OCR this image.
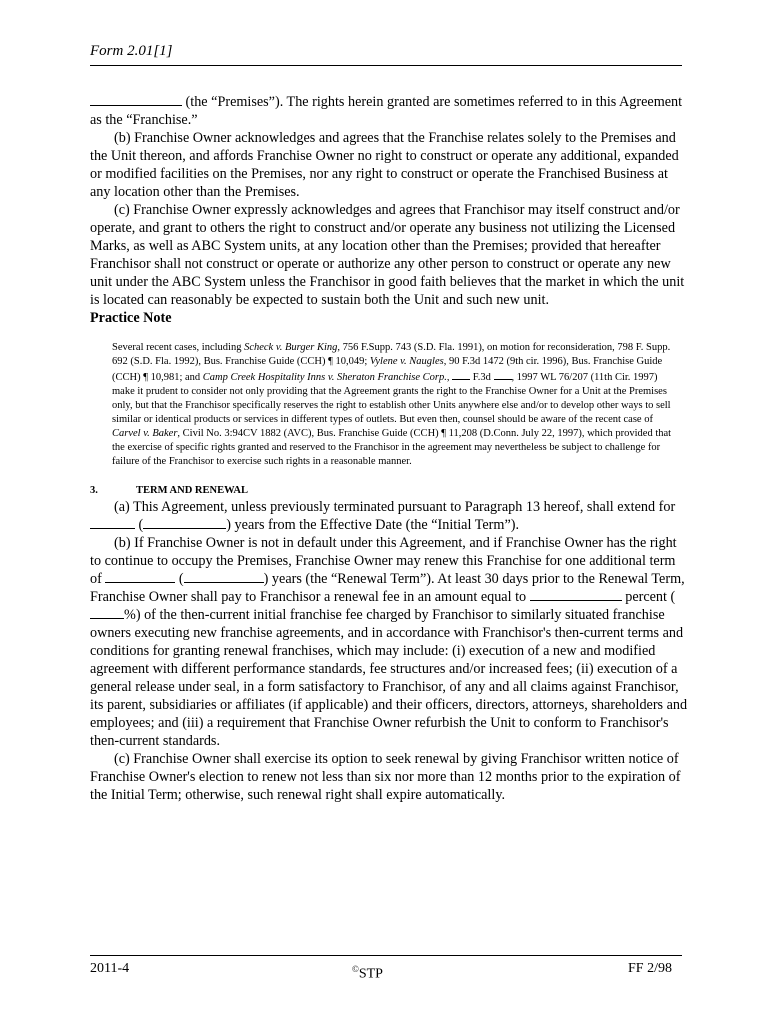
Form 2.01[1]

(the “Premises”). The rights herein granted are sometimes referred to in this Agreement as the “Franchise.”

(b) Franchise Owner acknowledges and agrees that the Franchise relates solely to the Premises and the Unit thereon, and affords Franchise Owner no right to construct or operate any additional, expanded or modified facilities on the Premises, nor any right to construct or operate the Franchised Business at any location other than the Premises.

(c) Franchise Owner expressly acknowledges and agrees that Franchisor may itself construct and/or operate, and grant to others the right to construct and/or operate any business not utilizing the Licensed Marks, as well as ABC System units, at any location other than the Premises; provided that hereafter Franchisor shall not construct or operate or authorize any other person to construct or operate any new unit under the ABC System unless the Franchisor in good faith believes that the market in which the unit is located can reasonably be expected to sustain both the Unit and such new unit.

Practice Note

Several recent cases, including Scheck v. Burger King, 756 F.Supp. 743 (S.D. Fla. 1991), on motion for reconsideration, 798 F. Supp. 692 (S.D. Fla. 1992), Bus. Franchise Guide (CCH) ¶ 10,049; Vylene v. Naugles, 90 F.3d 1472 (9th cir. 1996), Bus. Franchise Guide (CCH) ¶ 10,981; and Camp Creek Hospitality Inns v. Sheraton Franchise Corp.,  F.3d , 1997 WL 76/207 (11th Cir. 1997) make it prudent to consider not only providing that the Agreement grants the right to the Franchise Owner for a Unit at the Premises only, but that the Franchisor specifically reserves the right to establish other Units anywhere else and/or to develop other ways to sell similar or identical products or services in different types of outlets. But even then, counsel should be aware of the recent case of Carvel v. Baker, Civil No. 3:94CV 1882 (AVC), Bus. Franchise Guide (CCH) ¶ 11,208 (D.Conn. July 22, 1997), which provided that the exercise of specific rights granted and reserved to the Franchisor in the agreement may nevertheless be subject to challenge for failure of the Franchisor to exercise such rights in a reasonable manner.
3.	TERM AND RENEWAL

(a) This Agreement, unless previously terminated pursuant to Paragraph 13 hereof, shall extend for

(	) years from the Effective Date (the “Initial Term”).

(b) If Franchise Owner is not in default under this Agreement, and if Franchise Owner has the right to continue to occupy the Premises, Franchise Owner may renew this Franchise for one additional term of	(	) years (the “Renewal Term”). At least 30 days prior to the Renewal Term, Franchise Owner shall pay to Franchisor a renewal fee in an amount equal to	percent (%) of the then-current initial franchise fee charged by Franchisor to similarly situated franchise owners executing new franchise agreements, and in accordance with Franchisor's then-current terms and conditions for granting renewal franchises, which may include: (i) execution of a new and modified agreement with different performance standards, fee structures and/or increased fees; (ii) execution of a general release under seal, in a form satisfactory to Franchisor, of any and all claims against Franchisor, its parent, subsidiaries or affiliates (if applicable) and their officers, directors, attorneys, shareholders and employees; and (iii) a requirement that Franchise Owner refurbish the Unit to conform to Franchisor's then-current standards.

(c) Franchise Owner shall exercise its option to seek renewal by giving Franchisor written notice of Franchise Owner's election to renew not less than six nor more than 12 months prior to the expiration of the Initial Term; otherwise, such renewal right shall expire automatically.

2011-4	©STP	FF 2/98
